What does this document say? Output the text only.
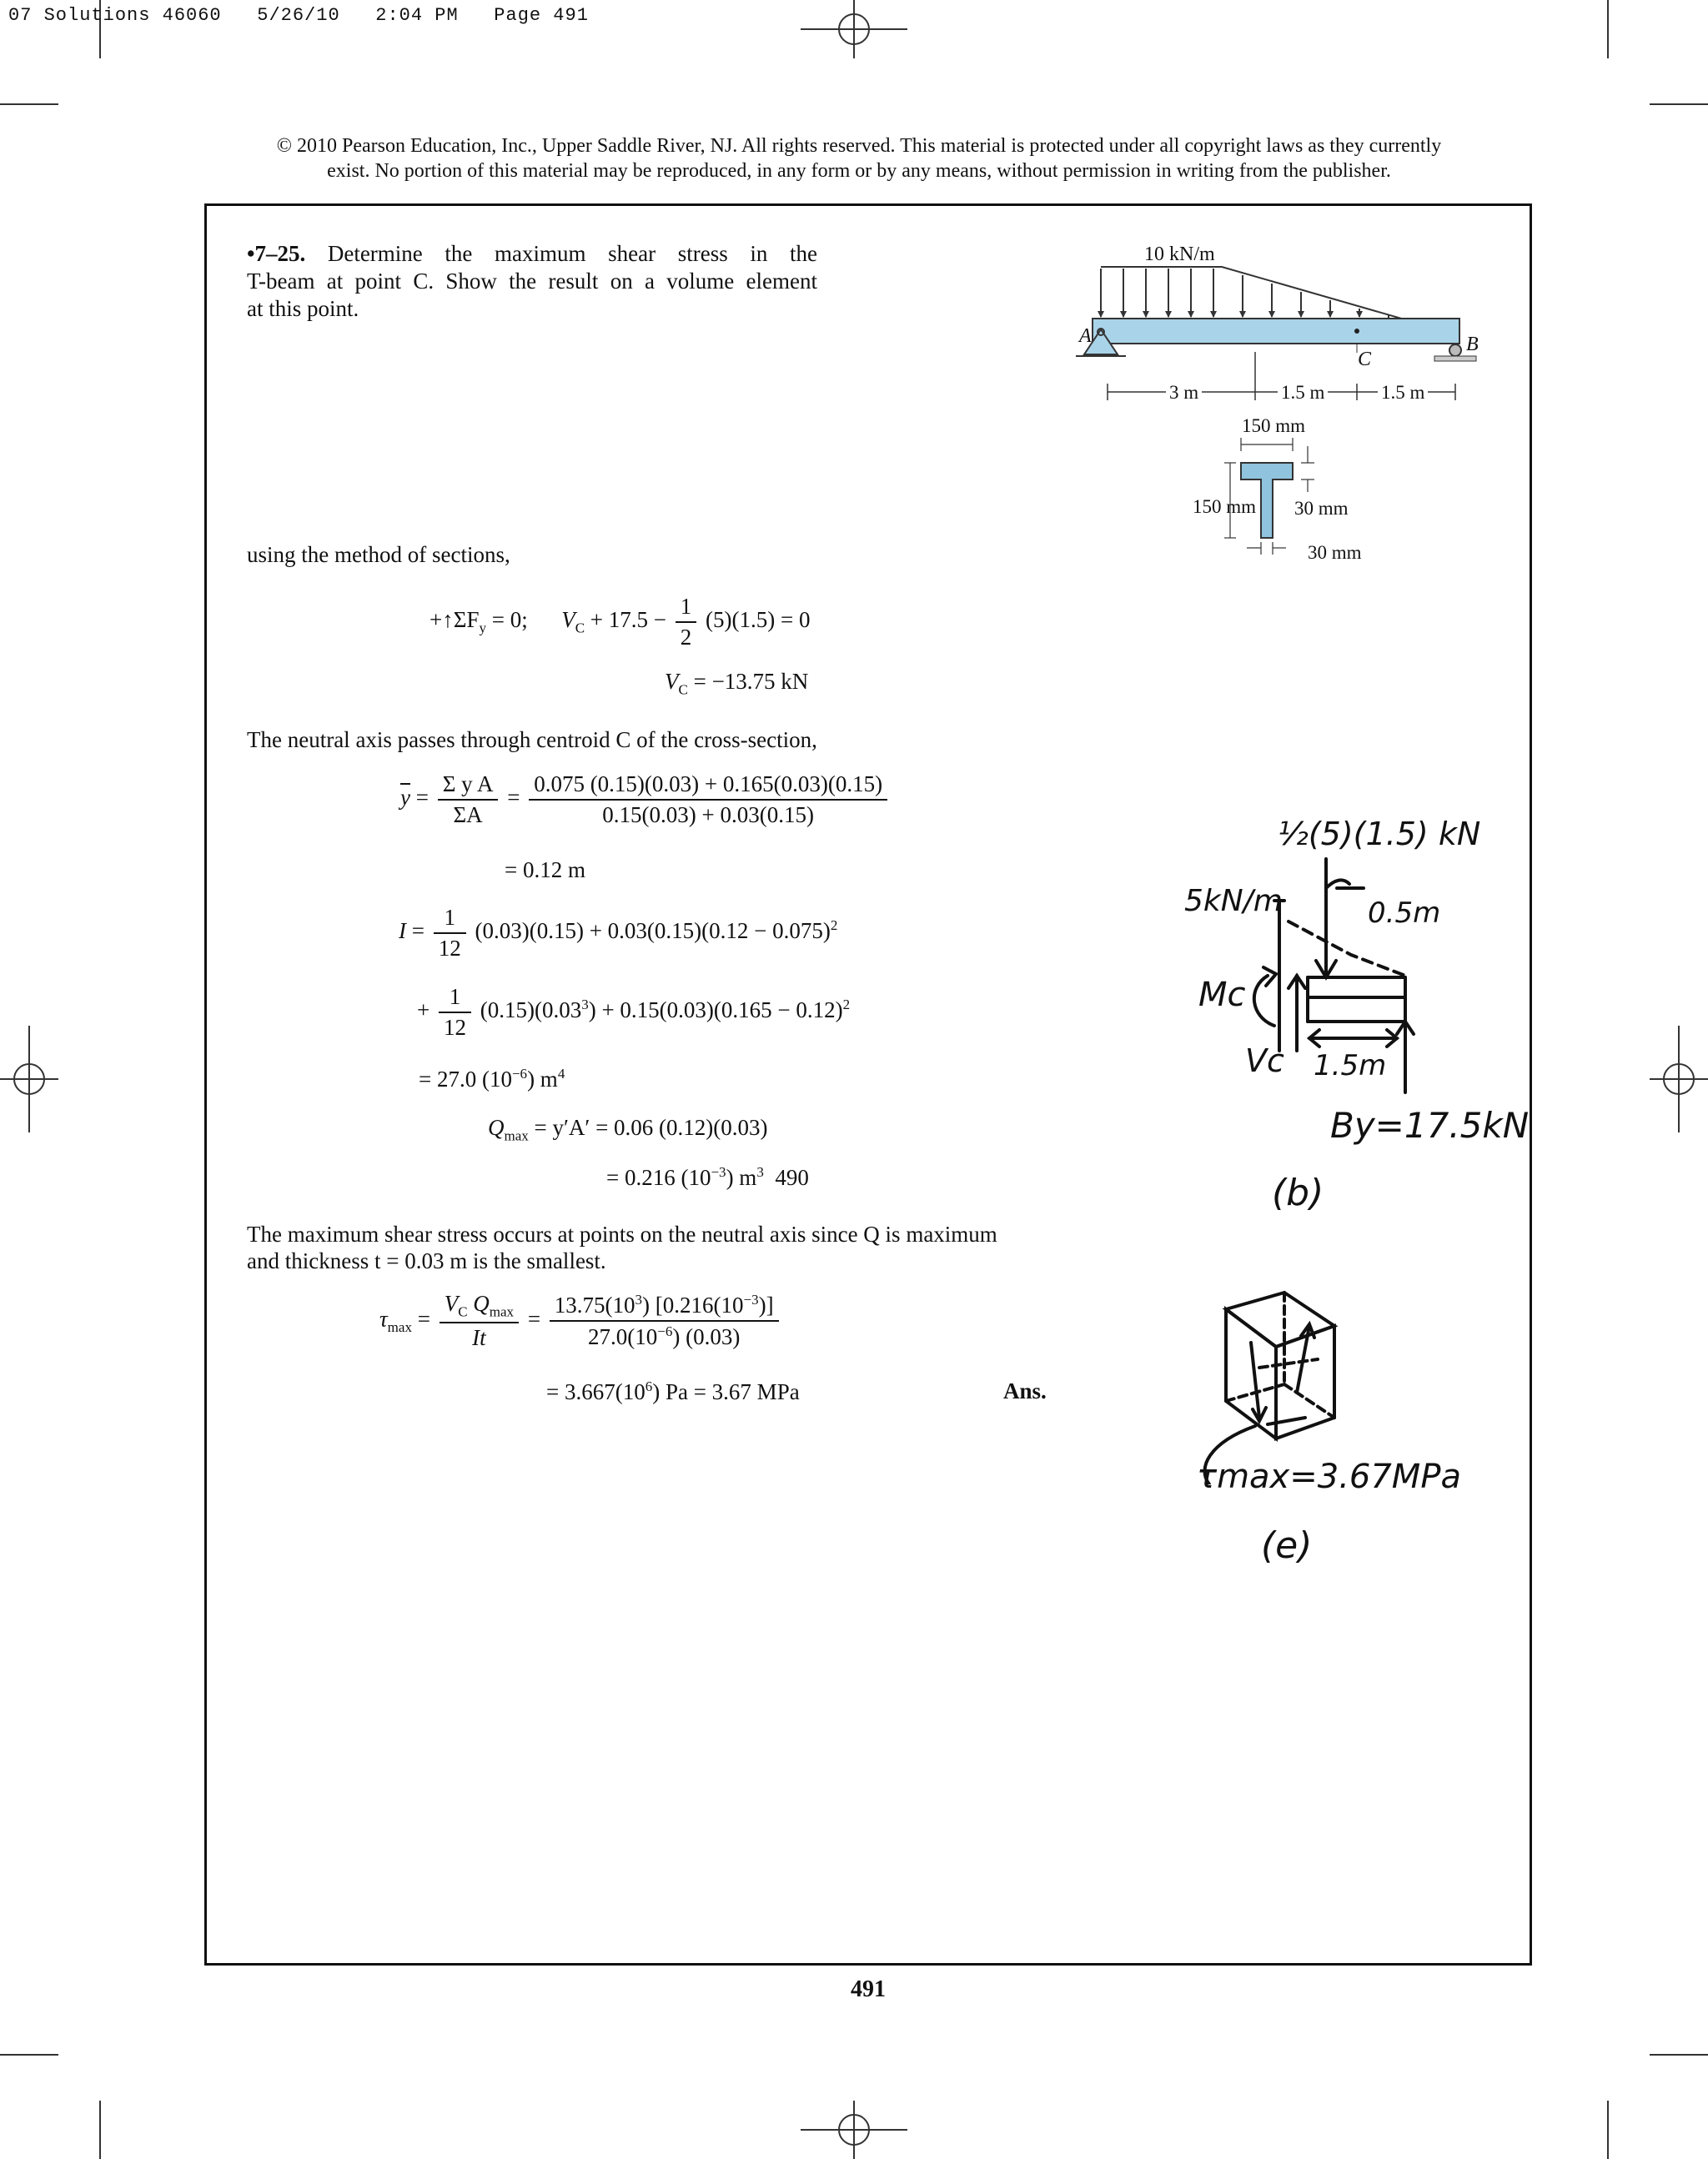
07 Solutions 46060   5/26/10   2:04 PM   Page 491
© 2010 Pearson Education, Inc., Upper Saddle River, NJ. All rights reserved. This material is protected under all copyright laws as they currently
exist. No portion of this material may be reproduced, in any form or by any means, without permission in writing from the publisher.
•7–25. Determine the maximum shear stress in the
T-beam at point C. Show the result on a volume element
at this point.
10 kN/m
A	B
C
3 m	1.5 m	1.5 m
150 mm
150 mm 30 mm
30 mm
using the method of sections,
$+↑\Sigma F_y = 0$; $V_C + 17.5 - \frac{1}{2} (5)(1.5) = 0$
$V_C = -13.75$ kN
The neutral axis passes through centroid C of the cross-section,
$\overline{y} = \frac{\text{Σ y A}}{\Sigma A} = \frac{0.075 (0.15)(0.03) + 0.165(0.03)(0.15)}{0.15(0.03) + 0.03(0.15)}$
= 0.12 m
$I = \frac{1}{12} (0.03)(0.15) + 0.03(0.15)(0.12 - 0.075)^2$
+ $\frac{1}{12} (0.15)(0.03^3) + 0.15(0.03)(0.165 - 0.12)^2$
= 27.0 $(10^{-6})$ $m^4$
$Q_{max} = y'A' = 0.06$ (0.12)(0.03)
= 0.216 $(10^{-3})$ $m^3$ 490
The maximum shear stress occurs at points on the neutral axis since Q is maximum
and thickness t = 0.03 m is the smallest.
$\tau_{max}$ =
$V_C$ $Q_{max}$
It
= $\frac{13.75(10^3) [0.216(10^{-3})]}{27.0(10^{-6}) (0.03)}$
= $3.667(10^6) Pa = 3.67$ MPa	Ans.
½(5)(1.5) kN
5kN/m	0.5m
Mc
Vc 1.5m
By=17.5kN
(b)
τmax=3.67MPa
(e)
491
